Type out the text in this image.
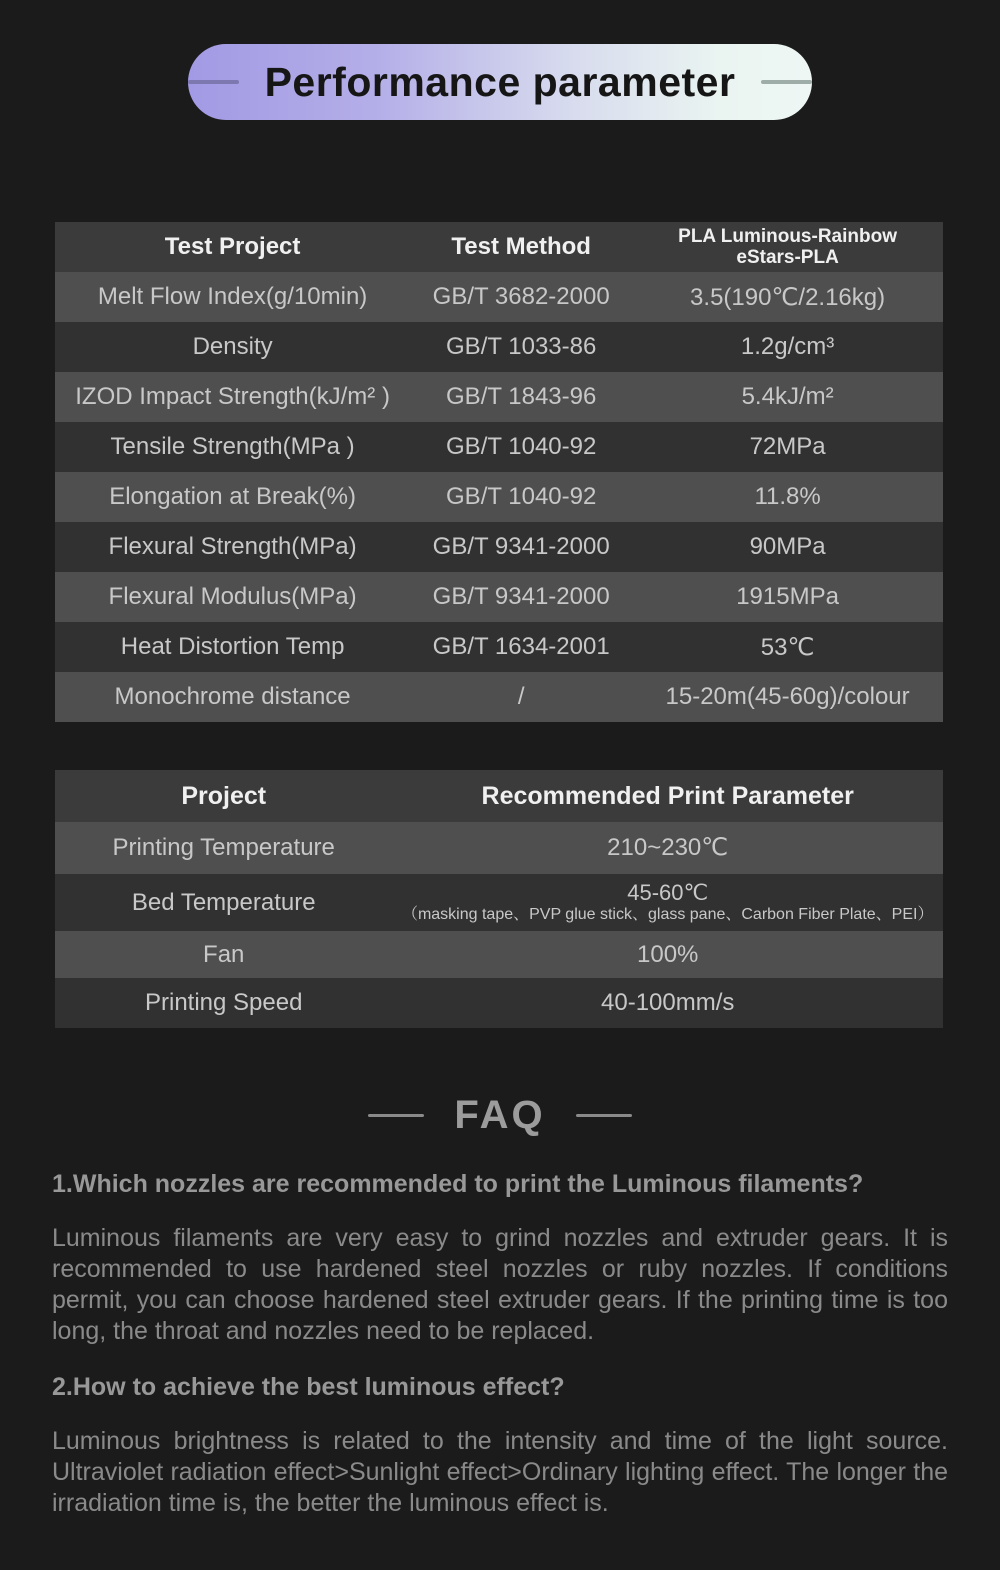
Performance parameter
Test Project	Test Method	PLA Luminous-Rainbow
eStars-PLA
Melt Flow Index(g/10min)	GB/T 3682-2000	3.5(190℃/2.16kg)
Density	GB/T 1033-86	1.2g/cm³
IZOD Impact Strength(kJ/m² )	GB/T 1843-96	5.4kJ/m²
Tensile Strength(MPa )	GB/T 1040-92	72MPa
Elongation at Break(%)	GB/T 1040-92	11.8%
Flexural Strength(MPa)	GB/T 9341-2000	90MPa
Flexural Modulus(MPa)	GB/T 9341-2000	1915MPa
Heat Distortion Temp	GB/T 1634-2001	53℃
Monochrome distance	/	15-20m(45-60g)/colour
Project	Recommended Print Parameter
Printing Temperature	210~230℃
Bed Temperature	45-60℃
（masking tape、PVP glue stick、glass pane、Carbon Fiber Plate、PEI）
Fan	100%
Printing Speed	40-100mm/s
FAQ
1.Which nozzles are recommended to print the Luminous filaments?
Luminous filaments are very easy to grind nozzles and extruder gears. It is recommended to use hardened steel nozzles or ruby nozzles. If conditions permit, you can choose hardened steel extruder gears. If the printing time is too long, the throat and nozzles need to be replaced.
2.How to achieve the best luminous effect?
Luminous brightness is related to the intensity and time of the light source. Ultraviolet radiation effect>Sunlight effect>Ordinary lighting effect. The longer the irradiation time is, the better the luminous effect is.
